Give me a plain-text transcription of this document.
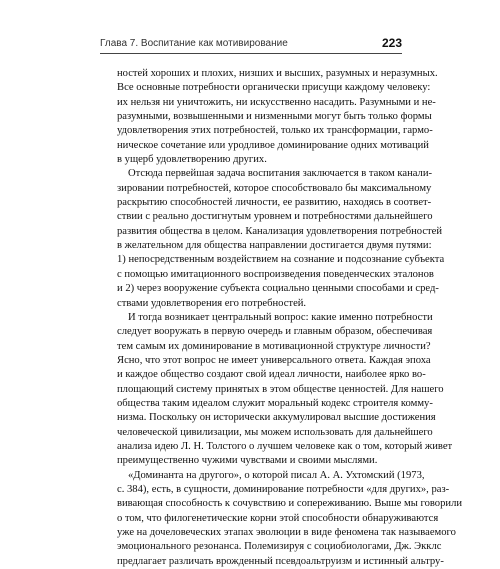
Глава 7. Воспитание как мотивирование	223
ностей хороших и плохих, низших и высших, разумных и неразумных.
Все основные потребности органически присущи каждому человеку:
их нельзя ни уничтожить, ни искусственно насадить. Разумными и не-
разумными, возвышенными и низменными могут быть только формы
удовлетворения этих потребностей, только их трансформации, гармо-
ническое сочетание или уродливое доминирование одних мотиваций
в ущерб удовлетворению других.
Отсюда первейшая задача воспитания заключается в таком канали-
зировании потребностей, которое способствовало бы максимальному
раскрытию способностей личности, ее развитию, находясь в соответ-
ствии с реально достигнутым уровнем и потребностями дальнейшего
развития общества в целом. Канализация удовлетворения потребностей
в желательном для общества направлении достигается двумя путями:
1) непосредственным воздействием на сознание и подсознание субъекта
с помощью имитационного воспроизведения поведенческих эталонов
и 2) через вооружение субъекта социально ценными способами и сред-
ствами удовлетворения его потребностей.
И тогда возникает центральный вопрос: какие именно потребности
следует вооружать в первую очередь и главным образом, обеспечивая
тем самым их доминирование в мотивационной структуре личности?
Ясно, что этот вопрос не имеет универсального ответа. Каждая эпоха
и каждое общество создают свой идеал личности, наиболее ярко во-
площающий систему принятых в этом обществе ценностей. Для нашего
общества таким идеалом служит моральный кодекс строителя комму-
низма. Поскольку он исторически аккумулировал высшие достижения
человеческой цивилизации, мы можем использовать для дальнейшего
анализа идею Л. Н. Толстого о лучшем человеке как о том, который живет
преимущественно чужими чувствами и своими мыслями.
«Доминанта на другого», о которой писал А. А. Ухтомский (1973,
с. 384), есть, в сущности, доминирование потребности «для других», раз-
вивающая способность к сочувствию и сопереживанию. Выше мы говорили
о том, что филогенетические корни этой способности обнаруживаются
уже на дочеловеческих этапах эволюции в виде феномена так называемого
эмоционального резонанса. Полемизируя с социобиологами, Дж. Экклс
предлагает различать врожденный псевдоальтруизм и истинный альтру-
